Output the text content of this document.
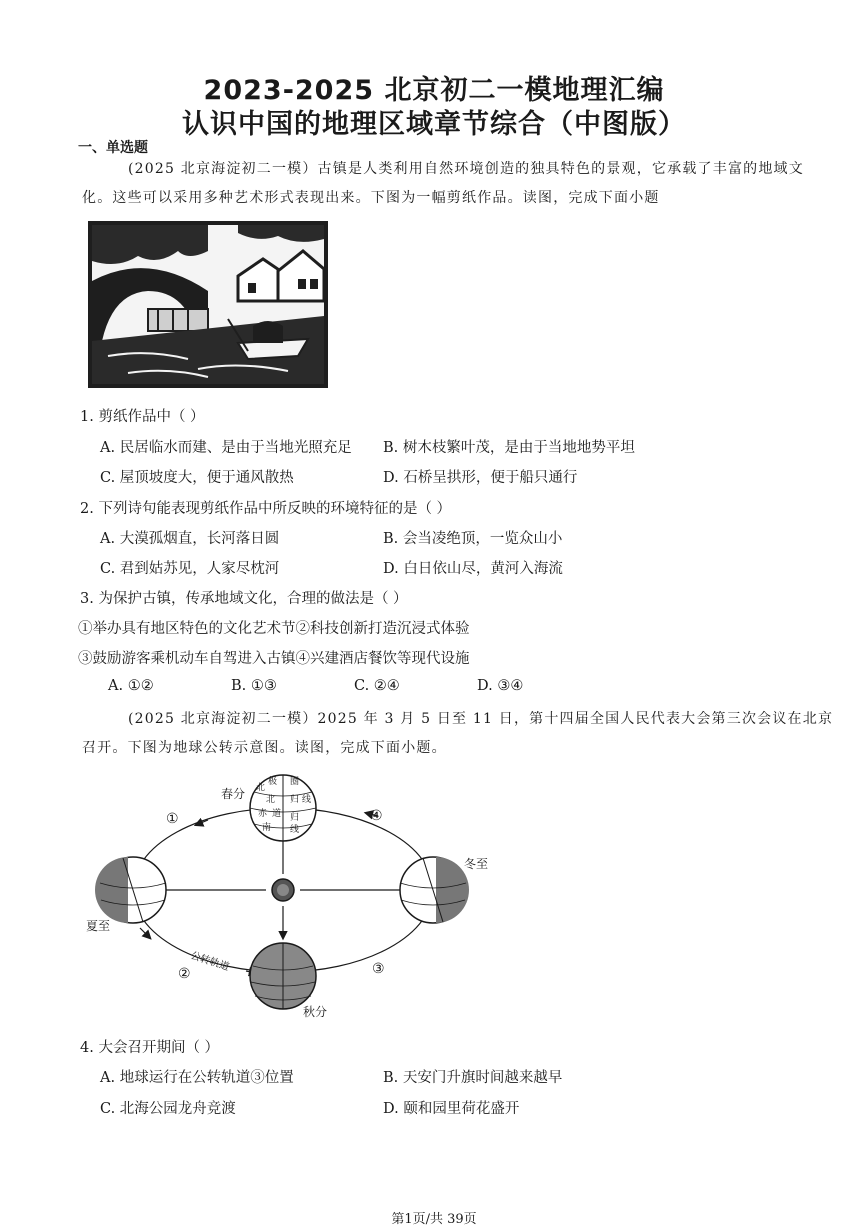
2023-2025 北京初二一模地理汇编
认识中国的地理区域章节综合（中图版）
一、单选题
(2025 北京海淀初二一模）古镇是人类利用自然环境创造的独具特色的景观，它承载了丰富的地域文
化。这些可以采用多种艺术形式表现出来。下图为一幅剪纸作品。读图，完成下面小题
1. 剪纸作品中（ ）
A. 民居临水而建、是由于当地光照充足 B. 树木枝繁叶茂，是由于当地地势平坦
C. 屋顶坡度大，便于通风散热	D. 石桥呈拱形，便于船只通行
2. 下列诗句能表现剪纸作品中所反映的环境特征的是（ ）
A. 大漠孤烟直，长河落日圆	B. 会当凌绝顶，一览众山小
C. 君到姑苏见，人家尽枕河	D. 白日依山尽，黄河入海流
3. 为保护古镇，传承地域文化，合理的做法是（ ）
①举办具有地区特色的文化艺术节②科技创新打造沉浸式体验
③鼓励游客乘机动车自驾进入古镇④兴建酒店餐饮等现代设施
A. ①②	B. ①③	C. ②④	D. ③④
(2025 北京海淀初二一模）2025 年 3 月 5 日至 11 日，第十四届全国人民代表大会第三次会议在北京
召开。下图为地球公转示意图。读图，完成下面小题。
北
极 圈
北 归 线
赤 道
南
归
线
春分
夏至
秋分
冬至
①
②	③
④
公转轨道
4. 大会召开期间（ ）
A. 地球运行在公转轨道③位置	B. 天安门升旗时间越来越早
C. 北海公园龙舟竞渡	D. 颐和园里荷花盛开
第1页/共 39页
